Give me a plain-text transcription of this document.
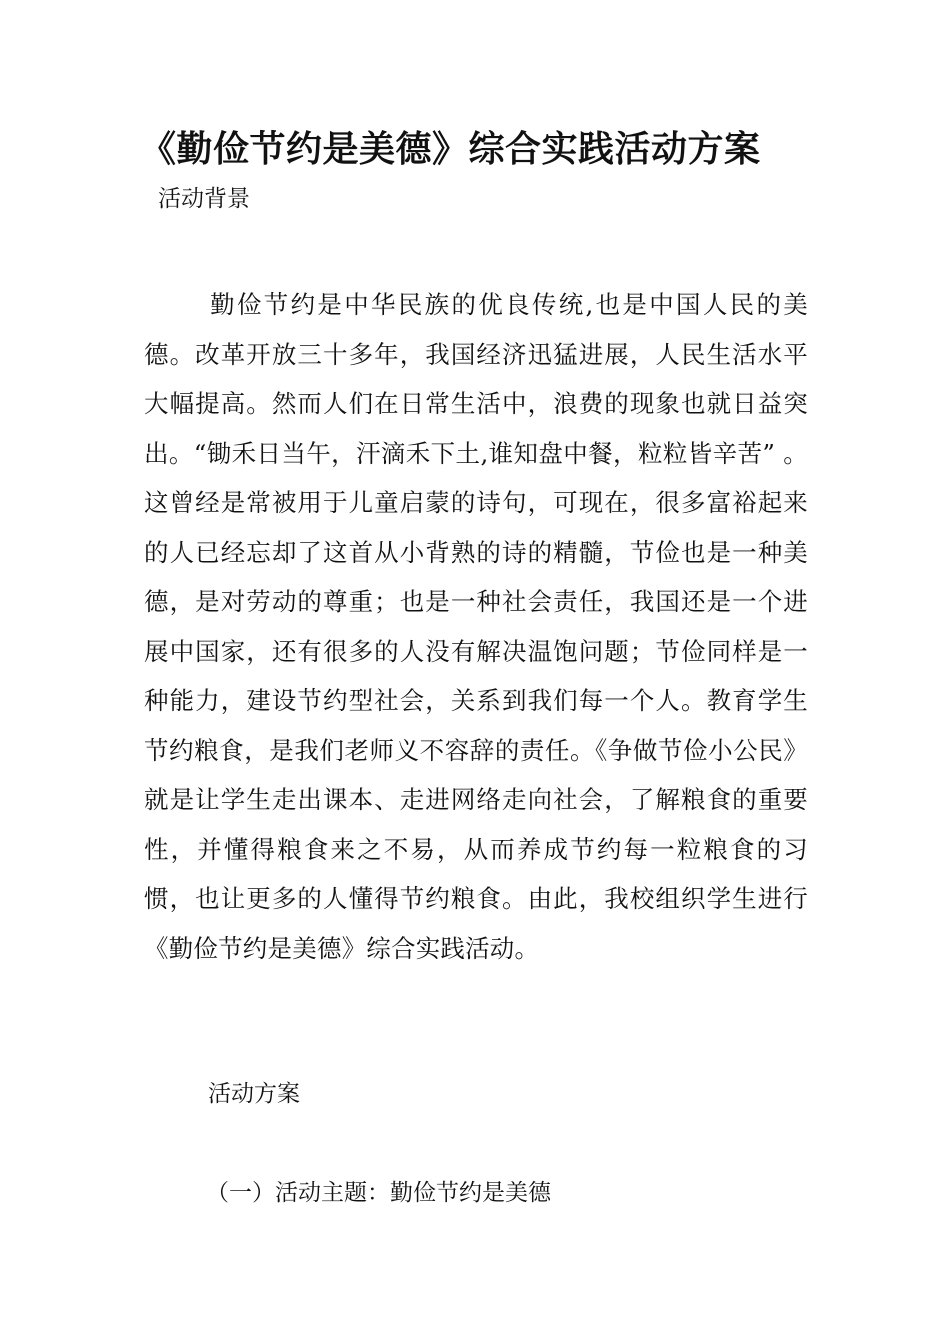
《勤俭节约是美德》综合实践活动方案

活动背景

勤俭节约是中华民族的优良传统,也是中国人民的美德。改革开放三十多年，我国经济迅猛进展，人民生活水平大幅提高。然而人们在日常生活中，浪费的现象也就日益突出。“锄禾日当午，汗滴禾下土,谁知盘中餐，粒粒皆辛苦” 。这曾经是常被用于儿童启蒙的诗句，可现在，很多富裕起来的人已经忘却了这首从小背熟的诗的精髓，节俭也是一种美德，是对劳动的尊重；也是一种社会责任，我国还是一个进展中国家，还有很多的人没有解决温饱问题；节俭同样是一种能力，建设节约型社会，关系到我们每一个人。教育学生节约粮食，是我们老师义不容辞的责任。《争做节俭小公民》就是让学生走出课本、走进网络走向社会，了解粮食的重要性，并懂得粮食来之不易，从而养成节约每一粒粮食的习惯，也让更多的人懂得节约粮食。由此，我校组织学生进行《勤俭节约是美德》综合实践活动。

活动方案

（一）活动主题：勤俭节约是美德
